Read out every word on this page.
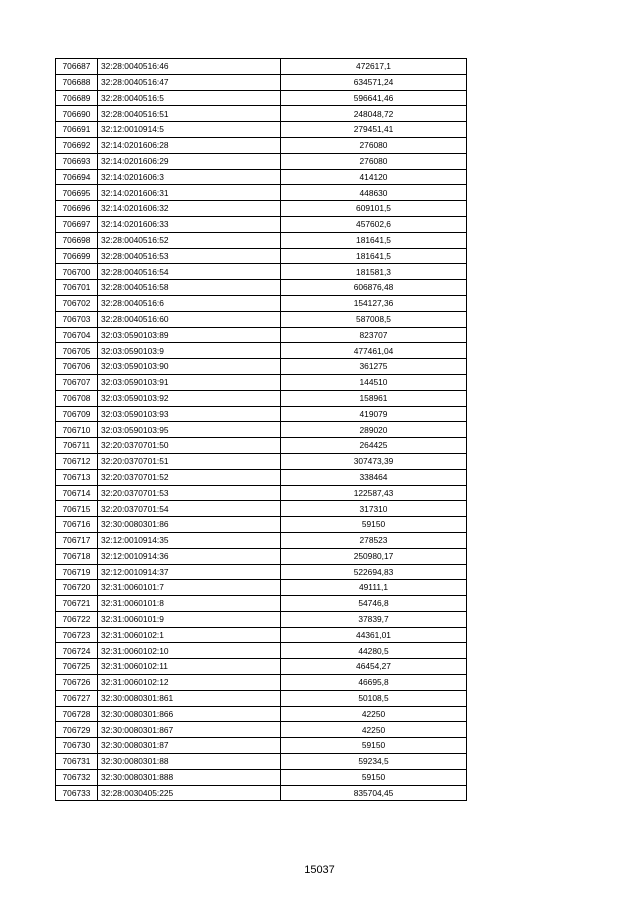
706687	32:28:0040516:46	472617,1
706688	32:28:0040516:47	634571,24
706689	32:28:0040516:5	596641,46
706690	32:28:0040516:51	248048,72
706691	32:12:0010914:5	279451,41
706692	32:14:0201606:28	276080
706693	32:14:0201606:29	276080
706694	32:14:0201606:3	414120
706695	32:14:0201606:31	448630
706696	32:14:0201606:32	609101,5
706697	32:14:0201606:33	457602,6
706698	32:28:0040516:52	181641,5
706699	32:28:0040516:53	181641,5
706700	32:28:0040516:54	181581,3
706701	32:28:0040516:58	606876,48
706702	32:28:0040516:6	154127,36
706703	32:28:0040516:60	587008,5
706704	32:03:0590103:89	823707
706705	32:03:0590103:9	477461,04
706706	32:03:0590103:90	361275
706707	32:03:0590103:91	144510
706708	32:03:0590103:92	158961
706709	32:03:0590103:93	419079
706710	32:03:0590103:95	289020
706711	32:20:0370701:50	264425
706712	32:20:0370701:51	307473,39
706713	32:20:0370701:52	338464
706714	32:20:0370701:53	122587,43
706715	32:20:0370701:54	317310
706716	32:30:0080301:86	59150
706717	32:12:0010914:35	278523
706718	32:12:0010914:36	250980,17
706719	32:12:0010914:37	522694,83
706720	32:31:0060101:7	49111,1
706721	32:31:0060101:8	54746,8
706722	32:31:0060101:9	37839,7
706723	32:31:0060102:1	44361,01
706724	32:31:0060102:10	44280,5
706725	32:31:0060102:11	46454,27
706726	32:31:0060102:12	46695,8
706727	32:30:0080301:861	50108,5
706728	32:30:0080301:866	42250
706729	32:30:0080301:867	42250
706730	32:30:0080301:87	59150
706731	32:30:0080301:88	59234,5
706732	32:30:0080301:888	59150
706733	32:28:0030405:225	835704,45
15037
